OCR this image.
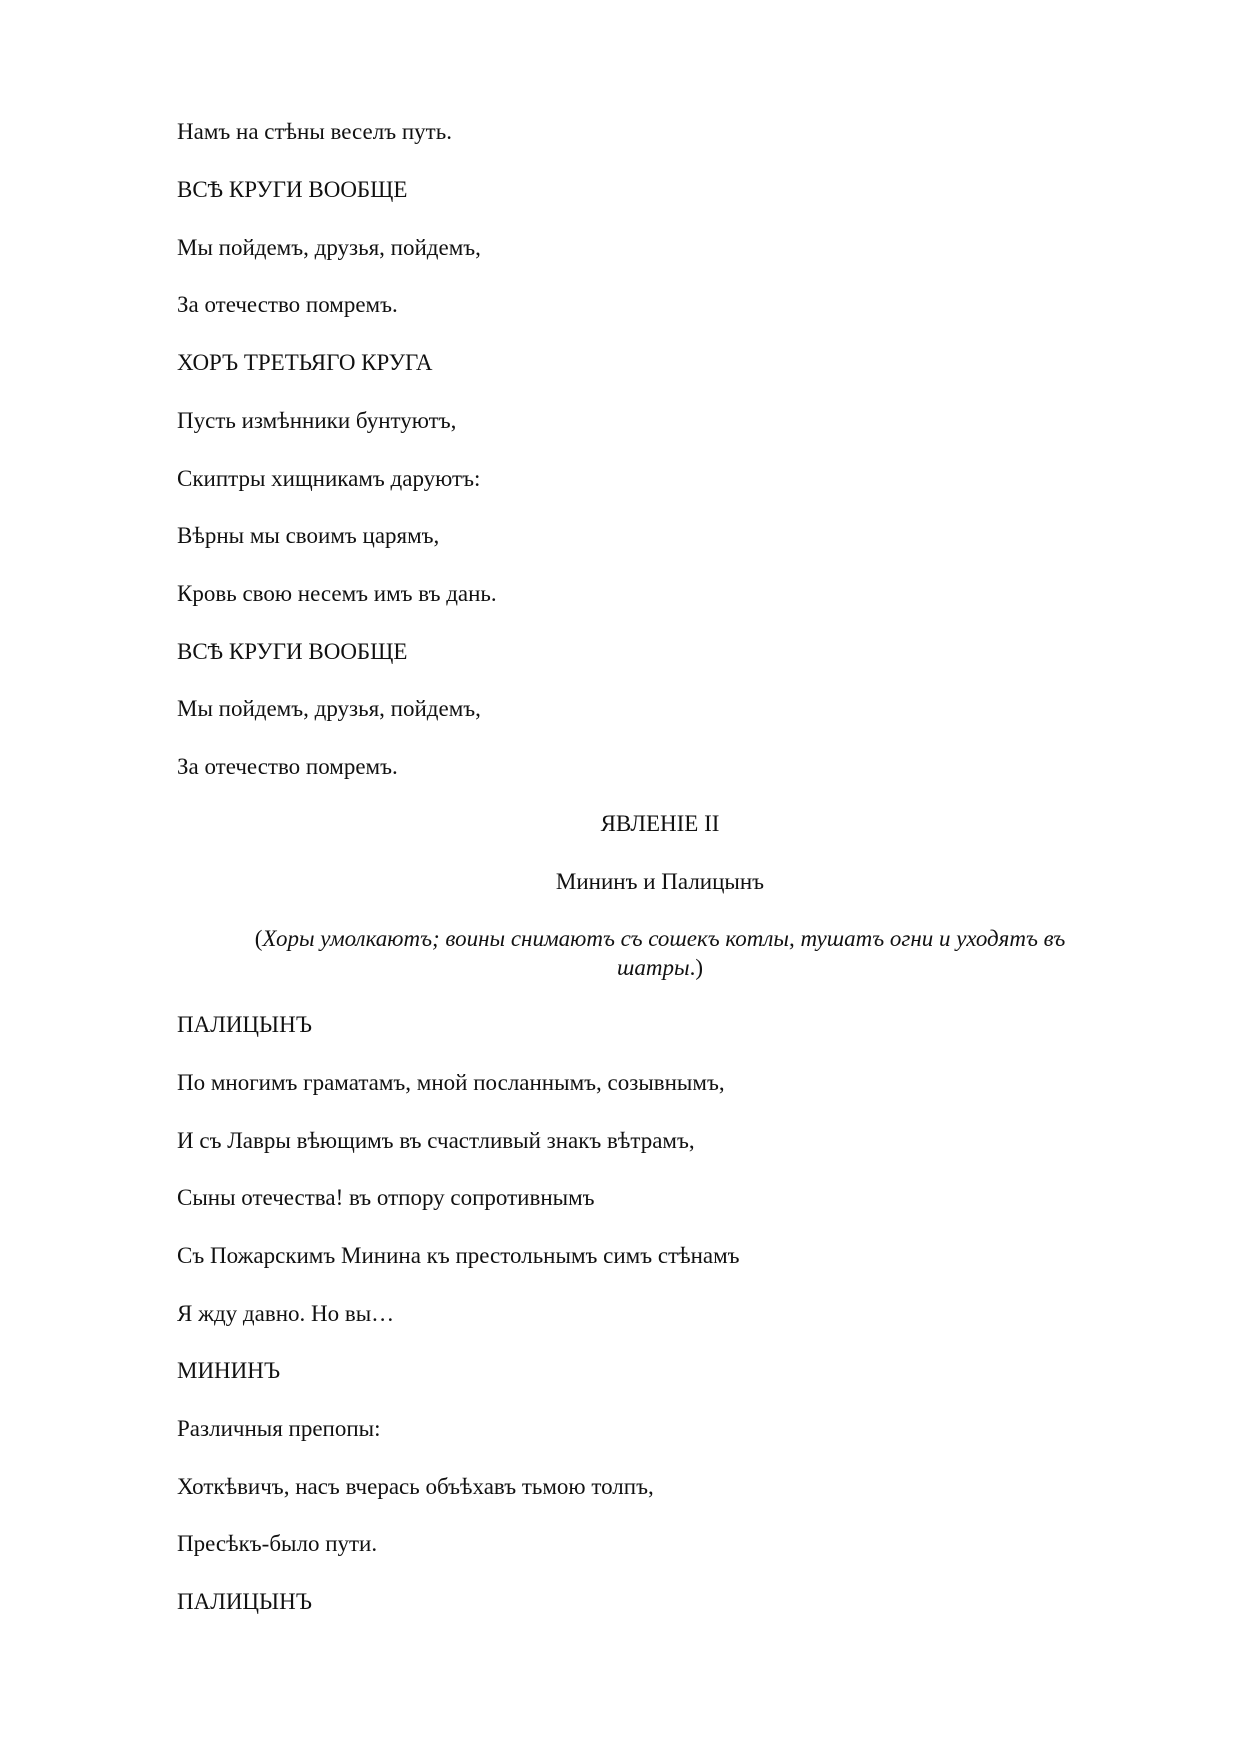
Намъ на стѣны веселъ путь.
ВСѢ КРУГИ ВООБЩЕ
Мы пойдемъ, друзья, пойдемъ,
За отечество помремъ.
ХОРЪ ТРЕТЬЯГО КРУГА
Пусть измѣнники бунтуютъ,
Скиптры хищникамъ даруютъ:
Вѣрны мы своимъ царямъ,
Кровь свою несемъ имъ въ дань.
ВСѢ КРУГИ ВООБЩЕ
Мы пойдемъ, друзья, пойдемъ,
За отечество помремъ.
ЯВЛЕНІЕ II
Мининъ и Палицынъ
(Хоры умолкаютъ; воины снимаютъ съ сошекъ котлы, тушатъ огни и уходятъ въ
шатры.)
ПАЛИЦЫНЪ
По многимъ граматамъ, мной посланнымъ, созывнымъ,
И съ Лавры вѣющимъ въ счастливый знакъ вѣтрамъ,
Сыны отечества! въ отпору сопротивнымъ
Съ Пожарскимъ Минина къ престольнымъ симъ стѣнамъ
Я жду давно. Но вы…
МИНИНЪ
Различныя препопы:
Хоткѣвичъ, насъ вчерась объѣхавъ тьмою толпъ,
Пресѣкъ-было пути.
ПАЛИЦЫНЪ
